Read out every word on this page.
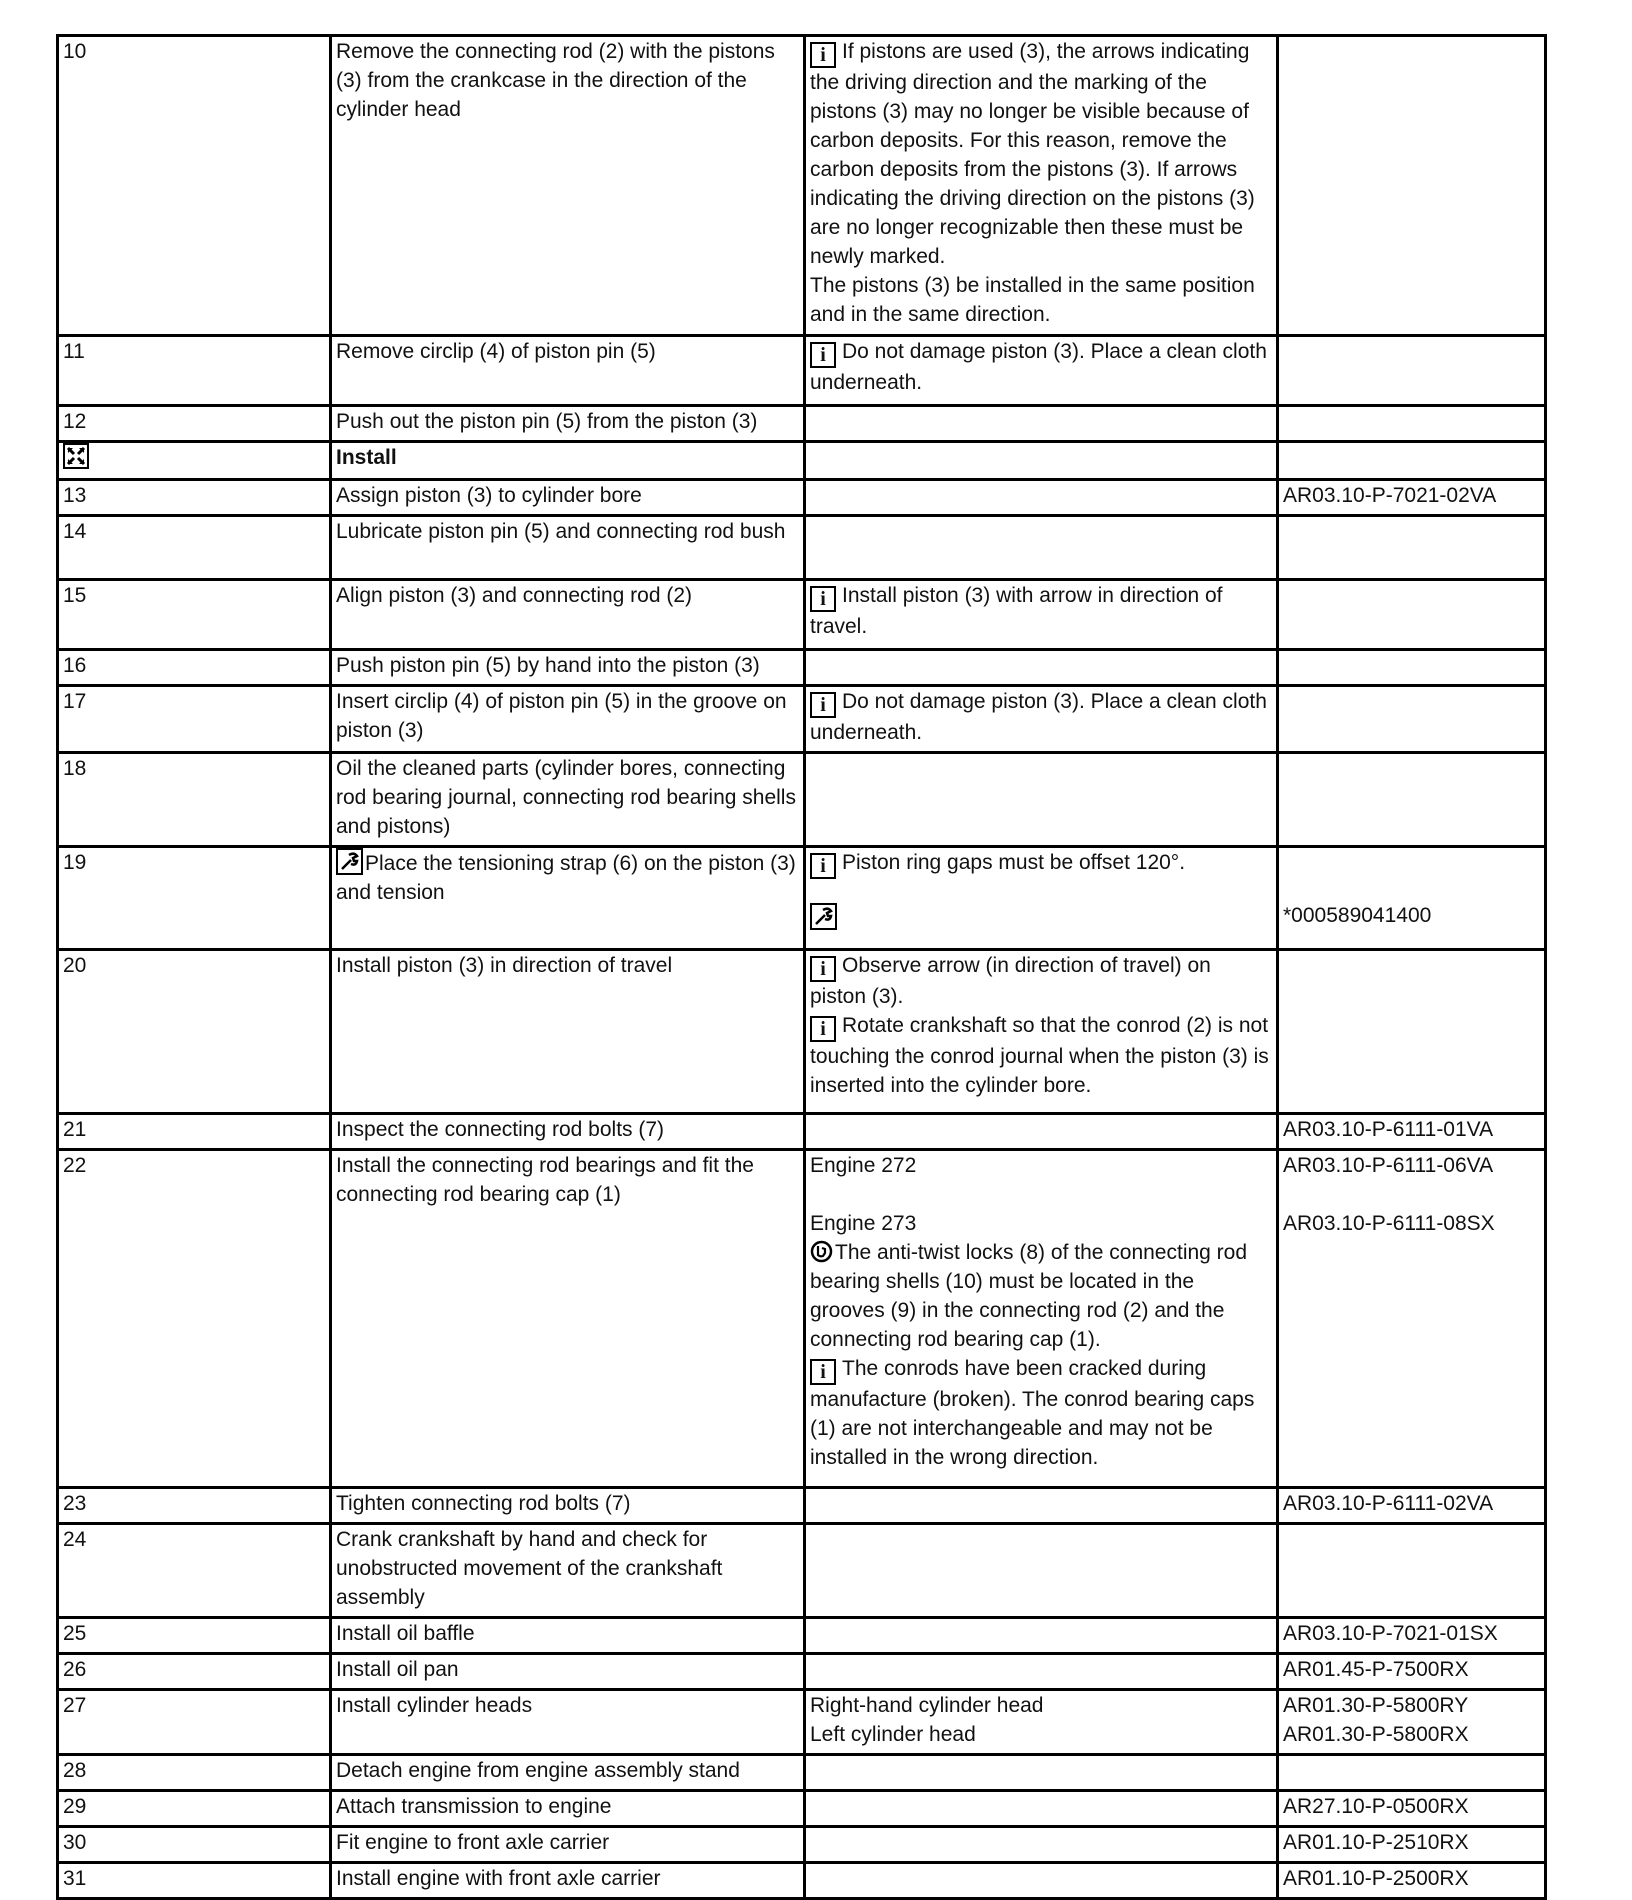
10	Remove the connecting rod (2) with the pistons (3) from the crankcase in the direction of the cylinder head	i If pistons are used (3), the arrows indicating the driving direction and the marking of the pistons (3) may no longer be visible because of carbon deposits. For this reason, remove the carbon deposits from the pistons (3). If arrows indicating the driving direction on the pistons (3) are no longer recognizable then these must be newly marked.
The pistons (3) be installed in the same position and in the same direction.	

11	Remove circlip (4) of piston pin (5)	i Do not damage piston (3). Place a clean cloth underneath.	
12	Push out the piston pin (5) from the piston (3)		
	Install		
13	Assign piston (3) to cylinder bore		AR03.10-P-7021-02VA
14	Lubricate piston pin (5) and connecting rod bush		
15	Align piston (3) and connecting rod (2)	i Install piston (3) with arrow in direction of travel.	
16	Push piston pin (5) by hand into the piston (3)		
17	Insert circlip (4) of piston pin (5) in the groove on piston (3)	i Do not damage piston (3). Place a clean cloth underneath.	
18	Oil the cleaned parts (cylinder bores, connecting rod bearing journal, connecting rod bearing shells and pistons)		
19	Place the tensioning strap (6) on the piston (3) and tension	i Piston ring gaps must be offset 120°.	*000589041400

20	Install piston (3) in direction of travel	i Observe arrow (in direction of travel) on piston (3).
i Rotate crankshaft so that the conrod (2) is not touching the conrod journal when the piston (3) is inserted into the cylinder bore.	

21	Inspect the connecting rod bolts (7)		AR03.10-P-6111-01VA
22	Install the connecting rod bearings and fit the connecting rod bearing cap (1)	Engine 272
Engine 273
The anti-twist locks (8) of the connecting rod bearing shells (10) must be located in the grooves (9) in the connecting rod (2) and the connecting rod bearing cap (1).
i The conrods have been cracked during manufacture (broken). The conrod bearing caps (1) are not interchangeable and may not be installed in the wrong direction.	AR03.10-P-6111-06VA
AR03.10-P-6111-08SX

23	Tighten connecting rod bolts (7)		AR03.10-P-6111-02VA
24	Crank crankshaft by hand and check for unobstructed movement of the crankshaft assembly		
25	Install oil baffle		AR03.10-P-7021-01SX
26	Install oil pan		AR01.45-P-7500RX
27	Install cylinder heads	Right-hand cylinder head
Left cylinder head	AR01.30-P-5800RY
AR01.30-P-5800RX

28	Detach engine from engine assembly stand		
29	Attach transmission to engine		AR27.10-P-0500RX
30	Fit engine to front axle carrier		AR01.10-P-2510RX
31	Install engine with front axle carrier		AR01.10-P-2500RX
